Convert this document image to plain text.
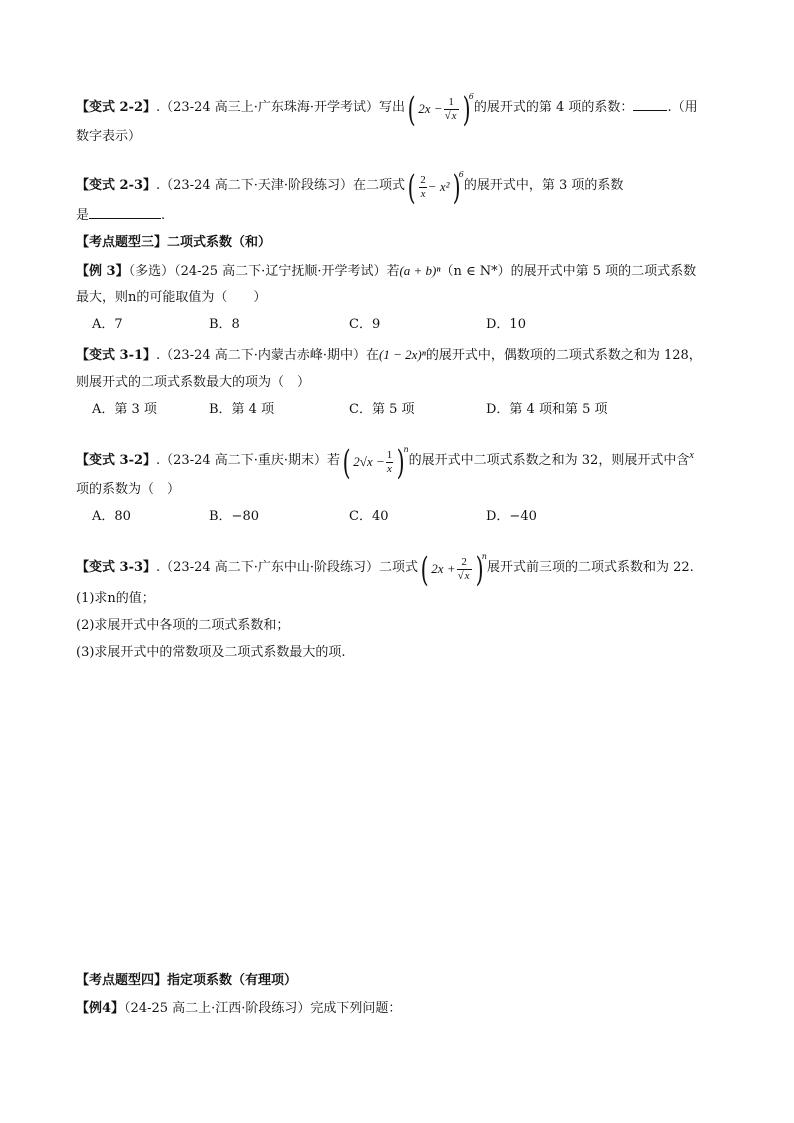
【变式 2-2】.（23-24 高三上·广东珠海·开学考试）写出( $2x - \frac{1}{√x} )^6$的展开式的第 4 项的系数：	.（用
数字表示）
【变式 2-3】.（23-24 高二下·天津·阶段练习）在二项式( $\frac{2}{x} - x^2)^6$的展开式中，第 3 项的系数
是	.
【考点题型三】二项式系数（和）
【例 3】（多选）（24-25 高二下·辽宁抚顺·开学考试）若(a + b)ⁿ（n ∈ N*）的展开式中第 5 项的二项式系数
最大，则n的可能取值为（　　）
A．7	B．8	C．9	D．10
【变式 3-1】.（23-24 高二下·内蒙古赤峰·期中）在(1 − 2x)ⁿ的展开式中，偶数项的二项式系数之和为 128，
则展开式的二项式系数最大的项为（　）
A．第 3 项	B．第 4 项	C．第 5 项	D．第 4 项和第 5 项
【变式 3-2】.（23-24 高二下·重庆·期末）若( $2√x - \frac{1}{x} )^n$的展开式中二项式系数之和为 32，则展开式中含$^x$
项的系数为（　）
A．80	B．−80	C．40	D．−40
【变式 3-3】.（23-24 高二下·广东中山·阶段练习）二项式( $2x + \frac{2}{√x} )^n$展开式前三项的二项式系数和为 22.
(1)求n的值；
(2)求展开式中各项的二项式系数和；
(3)求展开式中的常数项及二项式系数最大的项.
【考点题型四】指定项系数（有理项）
【例4】（24-25 高二上·江西·阶段练习）完成下列问题：
